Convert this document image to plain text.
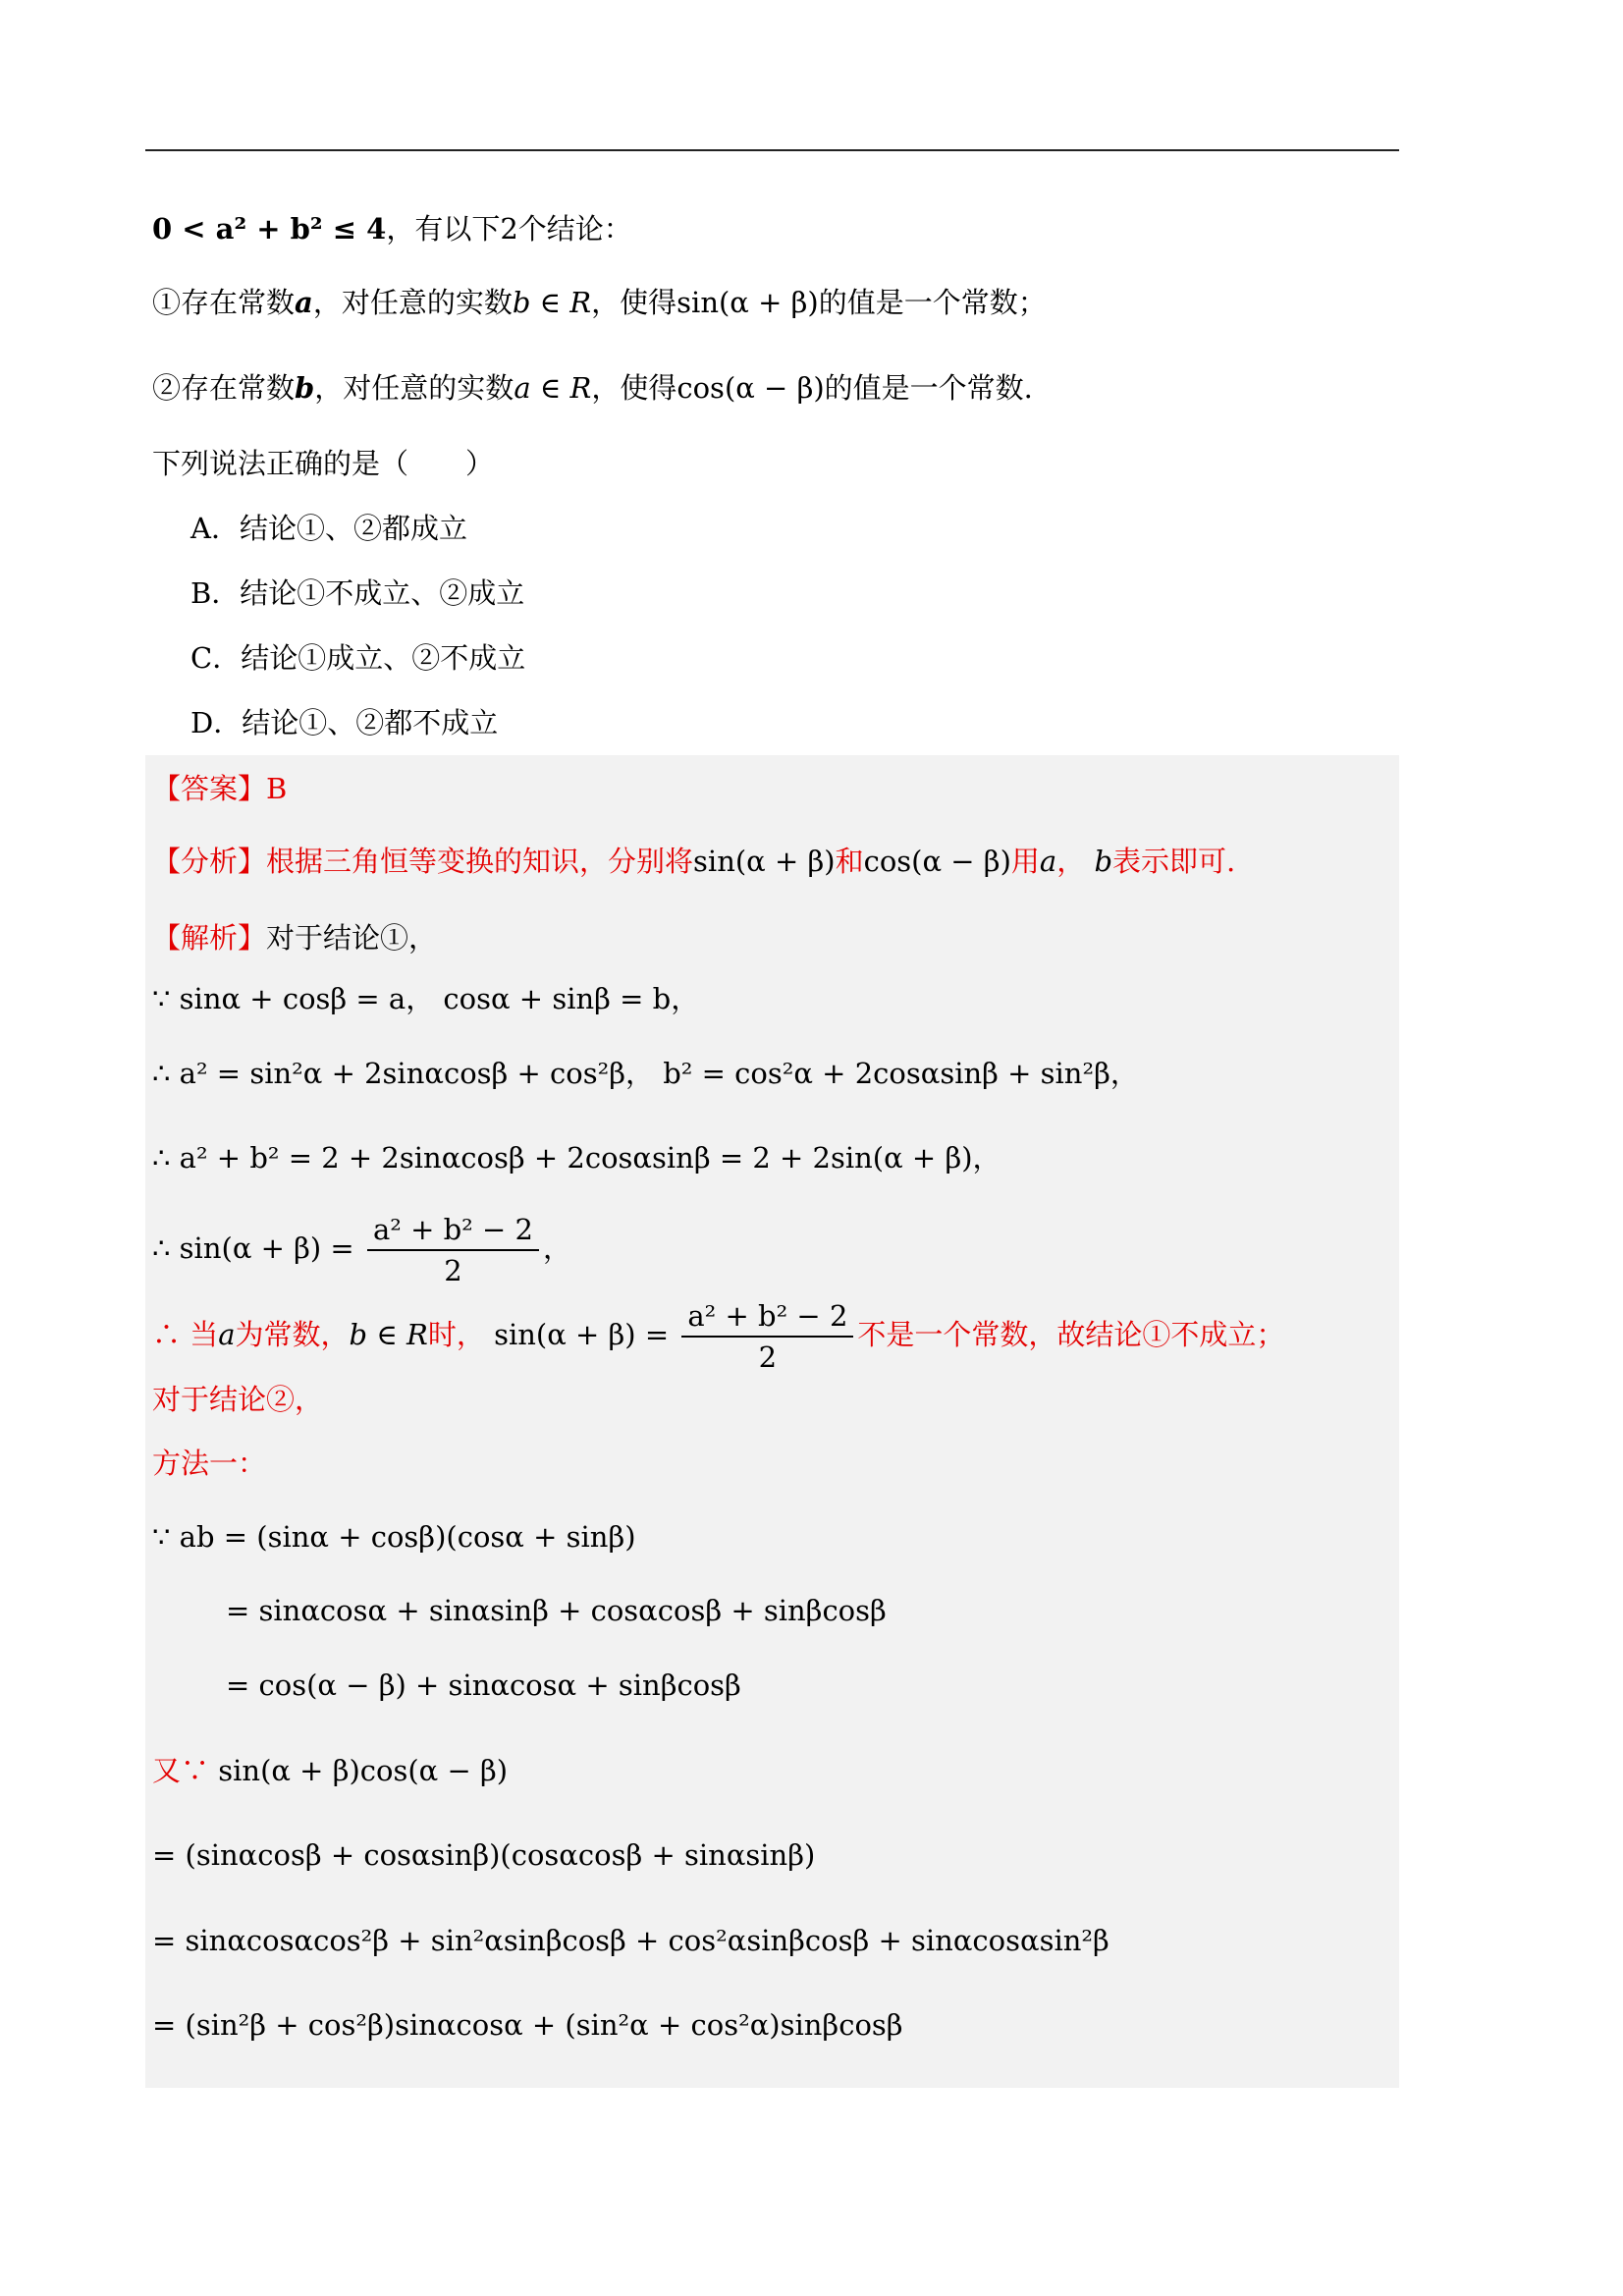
0 < a² + b² ≤ 4，有以下2个结论：
①存在常数a，对任意的实数b ∈ R，使得sin(α + β)的值是一个常数；
②存在常数b，对任意的实数a ∈ R，使得cos(α − β)的值是一个常数.
下列说法正确的是（　　）
A．结论①、②都成立
B．结论①不成立、②成立
C．结论①成立、②不成立
D．结论①、②都不成立
【答案】B
【分析】根据三角恒等变换的知识，分别将sin(α + β)和cos(α − β)用a， b表示即可.
【解析】对于结论①，
∵ sinα + cosβ = a， cosα + sinβ = b，
∴ a² = sin²α + 2sinαcosβ + cos²β， b² = cos²α + 2cosαsinβ + sin²β，
∴ a² + b² = 2 + 2sinαcosβ + 2cosαsinβ = 2 + 2sin(α + β)，
∴ $\sin(\alpha + \beta) = \frac{\text{a² + b² − 2}}{2}$ ，
∴ 当a为常数，b ∈ R时， $\sin(\alpha + \beta) = \frac{\text{a² + b² − 2}}{2}$ 不是一个常数，故结论①不成立；
对于结论②，
方法一：
∵ ab = (sinα + cosβ)(cosα + sinβ)
= sinαcosα + sinαsinβ + cosαcosβ + sinβcosβ
= cos(α − β) + sinαcosα + sinβcosβ
又∵ sin(α + β)cos(α − β)
= (sinαcosβ + cosαsinβ)(cosαcosβ + sinαsinβ)
= sinαcosαcos²β + sin²αsinβcosβ + cos²αsinβcosβ + sinαcosαsin²β
= (sin²β + cos²β)sinαcosα + (sin²α + cos²α)sinβcosβ
